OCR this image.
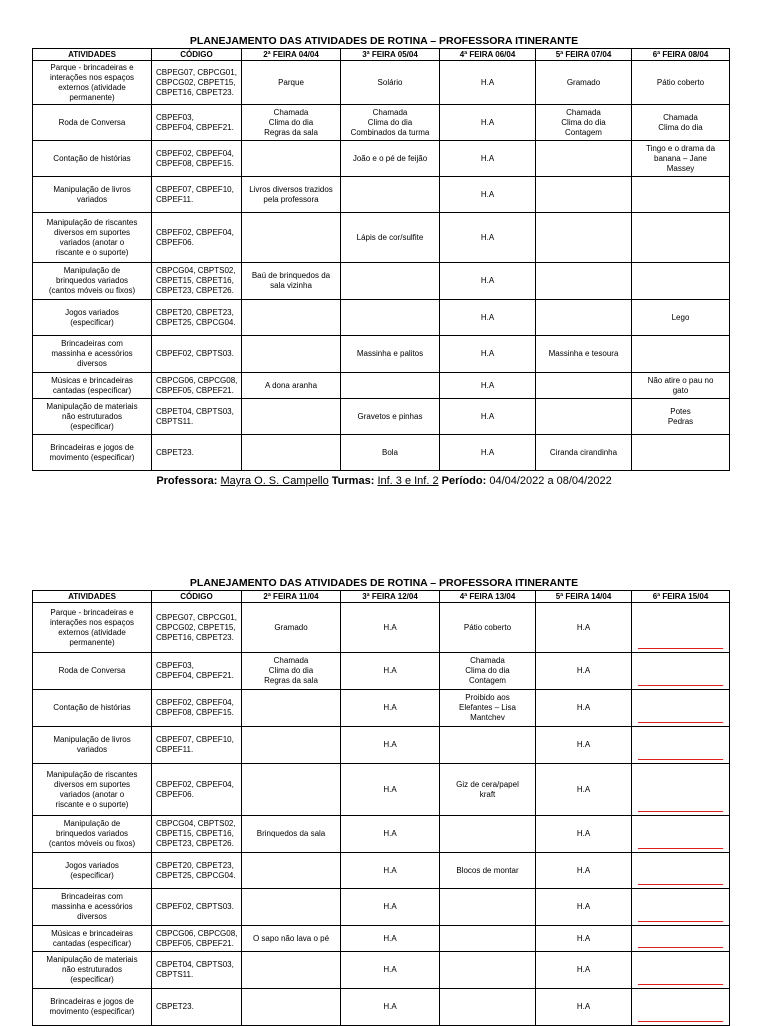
PLANEJAMENTO DAS ATIVIDADES DE ROTINA – PROFESSORA ITINERANTE
ATIVIDADES	CÓDIGO	2ª FEIRA 04/04	3ª FEIRA 05/04	4ª FEIRA 06/04	5ª FEIRA 07/04	6ª FEIRA 08/04
Parque - brincadeiras e
interações nos espaços
externos (atividade
permanente)	CBPEG07, CBPCG01,
CBPCG02, CBPET15,
CBPET16, CBPET23.	Parque	Solário	H.A	Gramado	Pátio coberto
Roda de Conversa	CBPEF03,
CBPEF04, CBPEF21.	Chamada
Clima do dia
Regras da sala	Chamada
Clima do dia
Combinados da turma	H.A	Chamada
Clima do dia
Contagem	Chamada
Clima do dia
Contação de histórias	CBPEF02, CBPEF04,
CBPEF08, CBPEF15.		João e o pé de feijão	H.A		Tingo e o drama da
banana – Jane
Massey
Manipulação de livros
variados	CBPEF07, CBPEF10,
CBPEF11.	Livros diversos trazidos
pela professora		H.A		
Manipulação de riscantes
diversos em suportes
variados (anotar o
riscante e o suporte)	CBPEF02, CBPEF04,
CBPEF06.		Lápis de cor/sulfite	H.A		
Manipulação de
brinquedos variados
(cantos móveis ou fixos)	CBPCG04, CBPTS02,
CBPET15, CBPET16,
CBPET23, CBPET26.	Baú de brinquedos da
sala vizinha		H.A		
Jogos variados
(especificar)	CBPET20, CBPET23,
CBPET25, CBPCG04.			H.A		Lego
Brincadeiras com
massinha e acessórios
diversos	CBPEF02, CBPTS03.		Massinha e palitos	H.A	Massinha e tesoura	
Músicas e brincadeiras
cantadas (especificar)	CBPCG06, CBPCG08,
CBPEF05, CBPEF21.	A dona aranha		H.A		Não atire o pau no
gato
Manipulação de materiais
não estruturados
(especificar)	CBPET04, CBPTS03,
CBPTS11.		Gravetos e pinhas	H.A		Potes
Pedras
Brincadeiras e jogos de
movimento (especificar)	CBPET23.		Bola	H.A	Ciranda cirandinha	
Professora: Mayra O. S. Campello Turmas: Inf. 3 e Inf. 2 Período: 04/04/2022 a 08/04/2022
PLANEJAMENTO DAS ATIVIDADES DE ROTINA – PROFESSORA ITINERANTE
ATIVIDADES	CÓDIGO	2ª FEIRA 11/04	3ª FEIRA 12/04	4ª FEIRA 13/04	5ª FEIRA 14/04	6ª FEIRA 15/04
Parque - brincadeiras e
interações nos espaços
externos (atividade
permanente)	CBPEG07, CBPCG01,
CBPCG02, CBPET15,
CBPET16, CBPET23.	Gramado	H.A	Pátio coberto	H.A	

Roda de Conversa	CBPEF03,
CBPEF04, CBPEF21.	Chamada
Clima do dia
Regras da sala	H.A	Chamada
Clima do dia
Contagem	H.A	

Contação de histórias	CBPEF02, CBPEF04,
CBPEF08, CBPEF15.		H.A	Proibido aos
Elefantes – Lisa
Mantchev	H.A	

Manipulação de livros
variados	CBPEF07, CBPEF10,
CBPEF11.		H.A		H.A	

Manipulação de riscantes
diversos em suportes
variados (anotar o
riscante e o suporte)	CBPEF02, CBPEF04,
CBPEF06.		H.A	Giz de cera/papel
kraft	H.A	

Manipulação de
brinquedos variados
(cantos móveis ou fixos)	CBPCG04, CBPTS02,
CBPET15, CBPET16,
CBPET23, CBPET26.	Brinquedos da sala	H.A		H.A	

Jogos variados
(especificar)	CBPET20, CBPET23,
CBPET25, CBPCG04.		H.A	Blocos de montar	H.A	

Brincadeiras com
massinha e acessórios
diversos	CBPEF02, CBPTS03.		H.A		H.A	

Músicas e brincadeiras
cantadas (especificar)	CBPCG06, CBPCG08,
CBPEF05, CBPEF21.	O sapo não lava o pé	H.A		H.A	

Manipulação de materiais
não estruturados
(especificar)	CBPET04, CBPTS03,
CBPTS11.		H.A		H.A	

Brincadeiras e jogos de
movimento (especificar)	CBPET23.		H.A		H.A	
